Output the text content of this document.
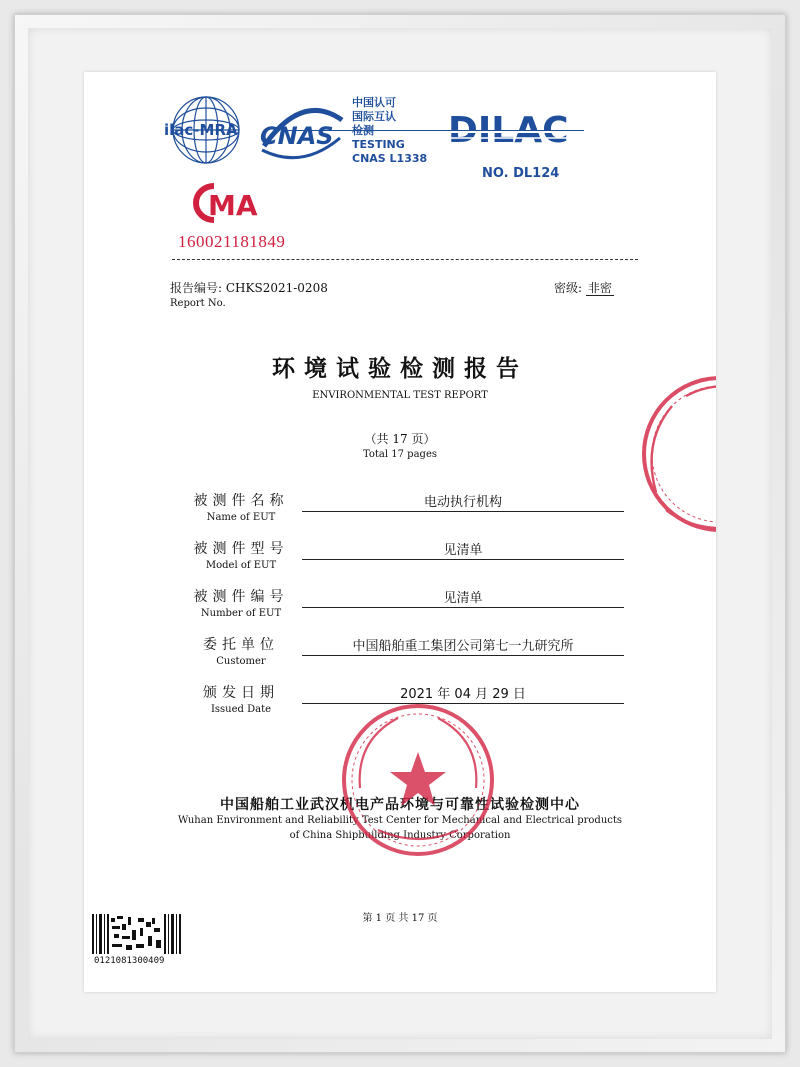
ilac-MRA CNAS
中国认可
国际互认
检测
TESTING
CNAS L1338
DILAC
NO. DL124
MA
160021181849
报告编号: CHKS2021-0208
Report No.
密级: 非密
环境试验检测报告
ENVIRONMENTAL TEST REPORT
（共 17 页）
Total 17 pages
被测件名称
Name of EUT
电动执行机构
被测件型号
Model of EUT
见清单
被测件编号
Number of EUT
见清单
委托单位
Customer
中国船舶重工集团公司第七一九研究所
颁发日期
Issued Date
2021 年 04 月 29 日
中国船舶工业武汉机电产品环境与可靠性试验检测中心
Wuhan Environment and Reliability Test Center for Mechanical and Electrical products
of China Shipbuilding Industry Corporation
第 1 页 共 17 页
0121081300409
